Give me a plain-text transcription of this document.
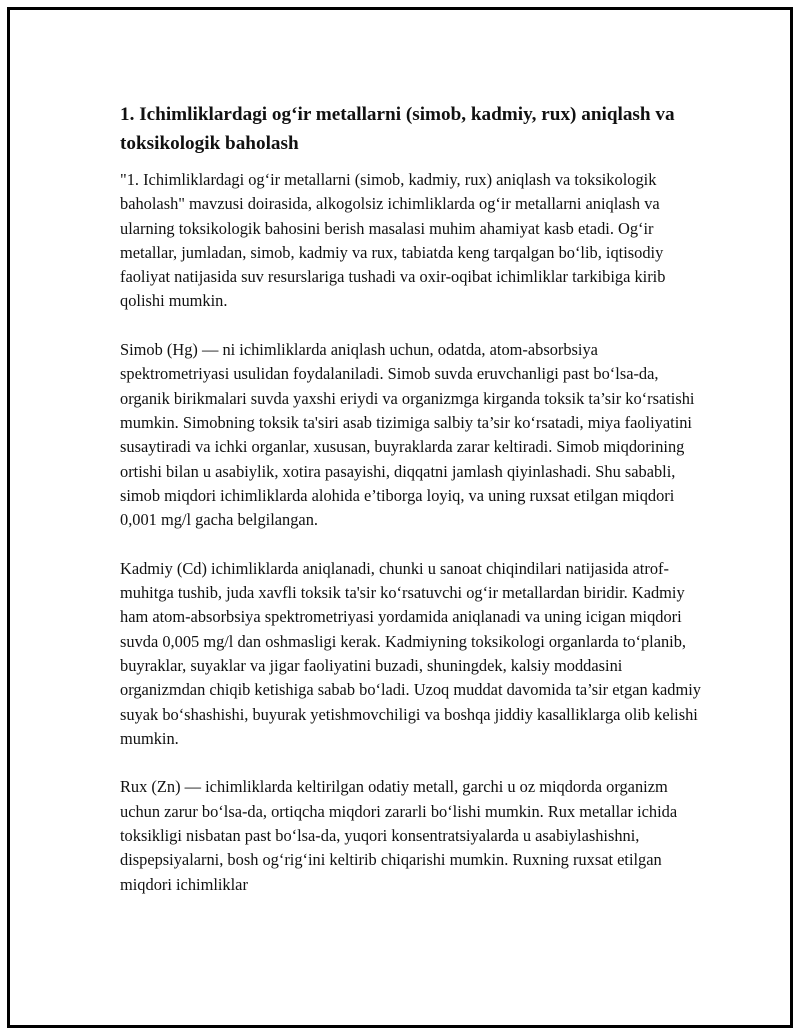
1. Ichimliklardagi og‘ir metallarni (simob, kadmiy, rux) aniqlash va toksikologik baholash

"1. Ichimliklardagi og‘ir metallarni (simob, kadmiy, rux) aniqlash va toksikologik baholash" mavzusi doirasida, alkogolsiz ichimliklarda og‘ir metallarni aniqlash va ularning toksikologik bahosini berish masalasi muhim ahamiyat kasb etadi. Og‘ir metallar, jumladan, simob, kadmiy va rux, tabiatda keng tarqalgan bo‘lib, iqtisodiy faoliyat natijasida suv resurslariga tushadi va oxir-oqibat ichimliklar tarkibiga kirib qolishi mumkin.

Simob (Hg) — ni ichimliklarda aniqlash uchun, odatda, atom-absorbsiya spektrometriyasi usulidan foydalaniladi. Simob suvda eruvchanligi past bo‘lsa-da, organik birikmalari suvda yaxshi eriydi va organizmga kirganda toksik ta’sir ko‘rsatishi mumkin. Simobning toksik ta'siri asab tizimiga salbiy ta’sir ko‘rsatadi, miya faoliyatini susaytiradi va ichki organlar, xususan, buyraklarda zarar keltiradi. Simob miqdorining ortishi bilan u asabiylik, xotira pasayishi, diqqatni jamlash qiyinlashadi. Shu sababli, simob miqdori ichimliklarda alohida e’tiborga loyiq, va uning ruxsat etilgan miqdori 0,001 mg/l gacha belgilangan.

Kadmiy (Cd) ichimliklarda aniqlanadi, chunki u sanoat chiqindilari natijasida atrof-muhitga tushib, juda xavfli toksik ta'sir ko‘rsatuvchi og‘ir metallardan biridir. Kadmiy ham atom-absorbsiya spektrometriyasi yordamida aniqlanadi va uning icigan miqdori suvda 0,005 mg/l dan oshmasligi kerak. Kadmiyning toksikologi organlarda to‘planib, buyraklar, suyaklar va jigar faoliyatini buzadi, shuningdek, kalsiy moddasini organizmdan chiqib ketishiga sabab bo‘ladi. Uzoq muddat davomida ta’sir etgan kadmiy suyak bo‘shashishi, buyurak yetishmovchiligi va boshqa jiddiy kasalliklarga olib kelishi mumkin.

Rux (Zn) — ichimliklarda keltirilgan odatiy metall, garchi u oz miqdorda organizm uchun zarur bo‘lsa-da, ortiqcha miqdori zararli bo‘lishi mumkin. Rux metallar ichida toksikligi nisbatan past bo‘lsa-da, yuqori konsentratsiyalarda u asabiylashishni, dispepsiyalarni, bosh og‘rig‘ini keltirib chiqarishi mumkin. Ruxning ruxsat etilgan miqdori ichimliklar
